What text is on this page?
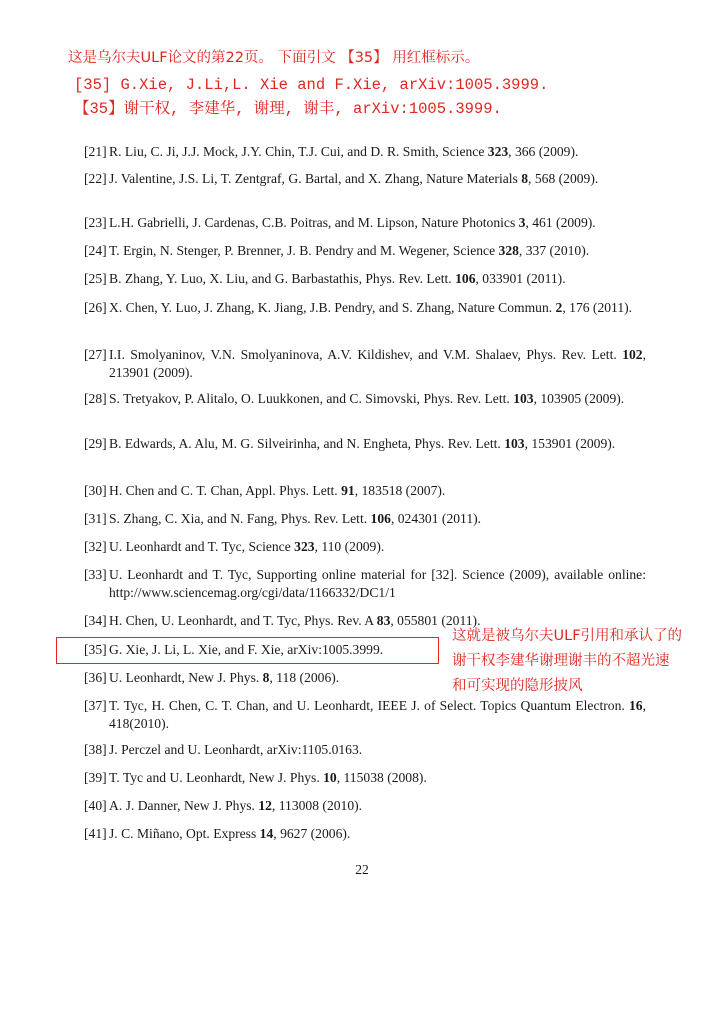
这是乌尔夫ULF论文的第22页。 下面引文 【35】 用红框标示。
[35] G.Xie, J.Li,L. Xie and F.Xie, arXiv:1005.3999.
【35】谢干权, 李建华, 谢理, 谢丰, arXiv:1005.3999.
[21] R. Liu, C. Ji, J.J. Mock, J.Y. Chin, T.J. Cui, and D. R. Smith, Science 323, 366 (2009).
[22] J. Valentine, J.S. Li, T. Zentgraf, G. Bartal, and X. Zhang, Nature Materials 8, 568 (2009).
[23] L.H. Gabrielli, J. Cardenas, C.B. Poitras, and M. Lipson, Nature Photonics 3, 461 (2009).
[24] T. Ergin, N. Stenger, P. Brenner, J. B. Pendry and M. Wegener, Science 328, 337 (2010).
[25] B. Zhang, Y. Luo, X. Liu, and G. Barbastathis, Phys. Rev. Lett. 106, 033901 (2011).
[26] X. Chen, Y. Luo, J. Zhang, K. Jiang, J.B. Pendry, and S. Zhang, Nature Commun. 2, 176 (2011).
[27] I.I. Smolyaninov, V.N. Smolyaninova, A.V. Kildishev, and V.M. Shalaev, Phys. Rev. Lett. 102, 213901 (2009).
[28] S. Tretyakov, P. Alitalo, O. Luukkonen, and C. Simovski, Phys. Rev. Lett. 103, 103905 (2009).
[29] B. Edwards, A. Alu, M. G. Silveirinha, and N. Engheta, Phys. Rev. Lett. 103, 153901 (2009).
[30] H. Chen and C. T. Chan, Appl. Phys. Lett. 91, 183518 (2007).
[31] S. Zhang, C. Xia, and N. Fang, Phys. Rev. Lett. 106, 024301 (2011).
[32] U. Leonhardt and T. Tyc, Science 323, 110 (2009).
[33] U. Leonhardt and T. Tyc, Supporting online material for [32]. Science (2009), available online: http://www.sciencemag.org/cgi/data/1166332/DC1/1
[34] H. Chen, U. Leonhardt, and T. Tyc, Phys. Rev. A 83, 055801 (2011).
[35] G. Xie, J. Li, L. Xie, and F. Xie, arXiv:1005.3999.
[36] U. Leonhardt, New J. Phys. 8, 118 (2006).
[37] T. Tyc, H. Chen, C. T. Chan, and U. Leonhardt, IEEE J. of Select. Topics Quantum Electron. 16, 418(2010).
[38] J. Perczel and U. Leonhardt, arXiv:1105.0163.
[39] T. Tyc and U. Leonhardt, New J. Phys. 10, 115038 (2008).
[40] A. J. Danner, New J. Phys. 12, 113008 (2010).
[41] J. C. Miñano, Opt. Express 14, 9627 (2006).
这就是被乌尔夫ULF引用和承认了的
谢干权李建华谢理谢丰的不超光速
和可实现的隐形披风
22
